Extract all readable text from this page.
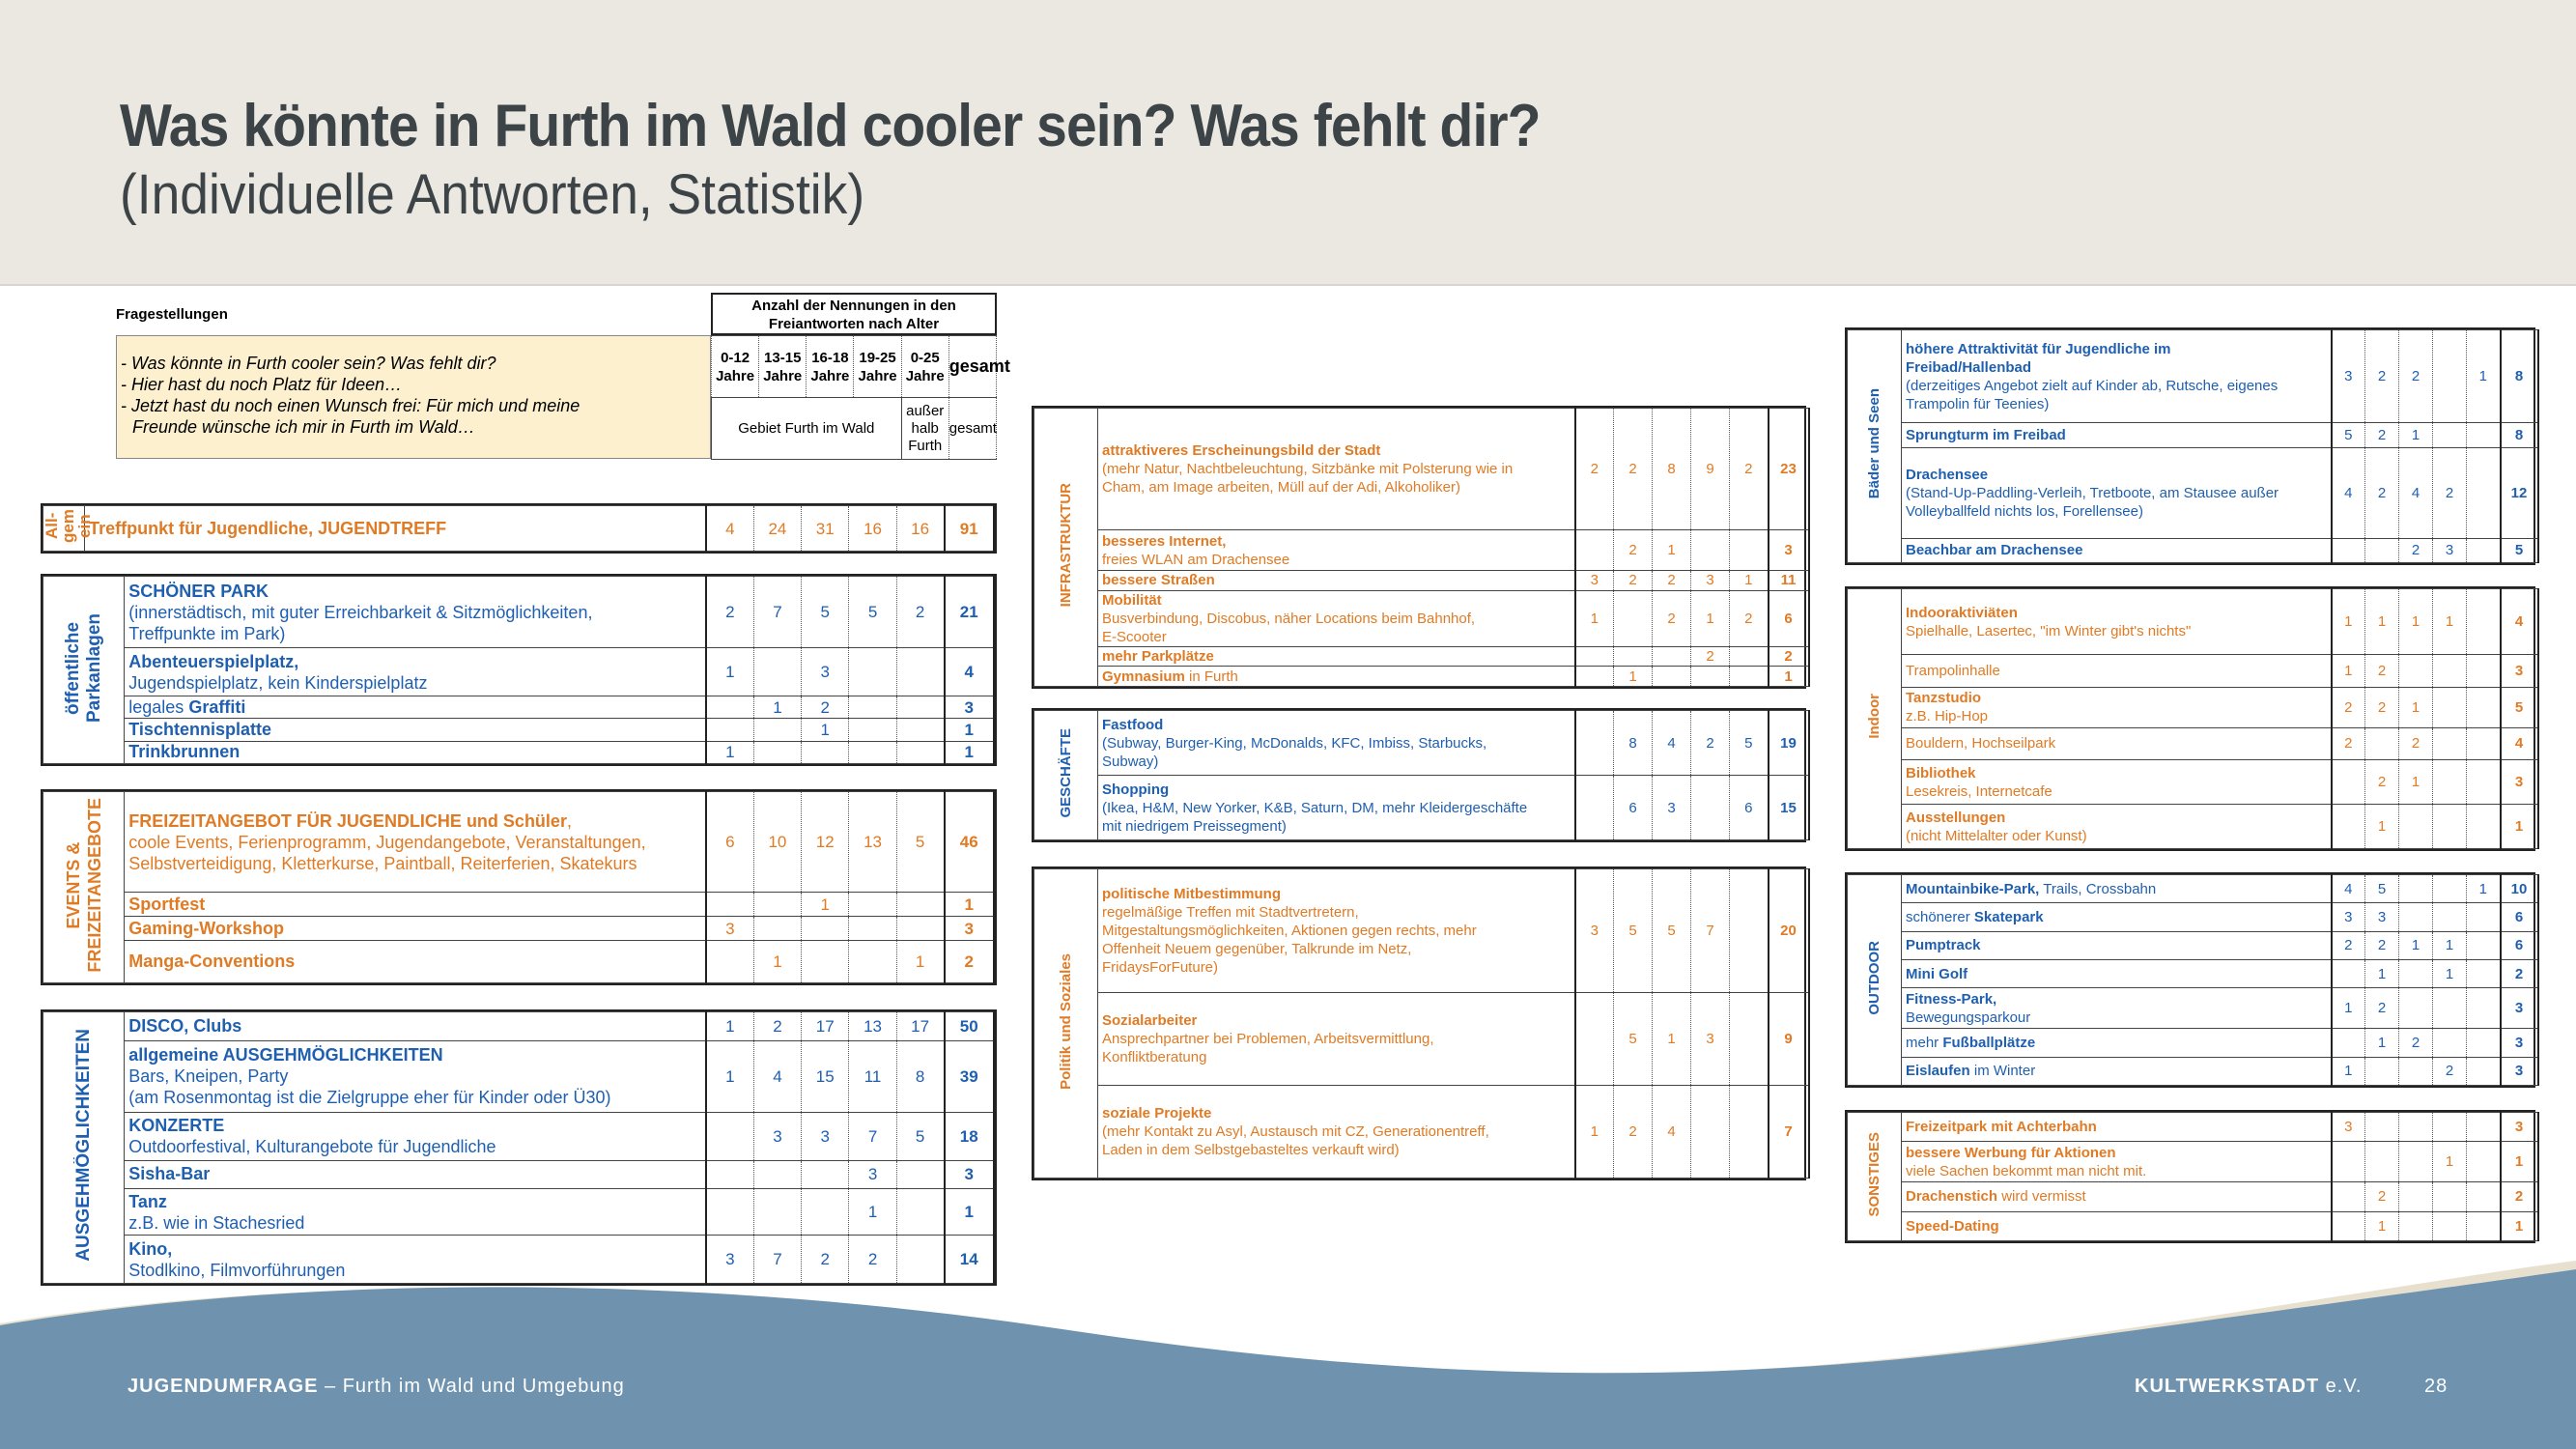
Was könnte in Furth im Wald cooler sein? Was fehlt dir?
(Individuelle Antworten, Statistik)
Fragestellungen
Anzahl der Nennungen in den Freiantworten nach Alter
- Was könnte in Furth cooler sein? Was fehlt dir?
- Hier hast du noch Platz für Ideen…
- Jetzt hast du noch einen Wunsch frei: Für mich und meine
Freunde wünsche ich mir in Furth im Wald…
0-12 Jahre	13-15 Jahre	16-18 Jahre	19-25 Jahre	0-25 Jahre	gesamt
Gebiet Furth im Wald				außer halb Furth	gesamt
All-
gem
ein	Treffpunkt für Jugendliche, JUGENDTREFF	4	24	31	16	16	91
öffentliche
Parkanlagen	SCHÖNER PARK
(innerstädtisch, mit guter Erreichbarkeit & Sitzmöglichkeiten,
Treffpunkte im Park)	2	7	5	5	2	21
	Abenteuerspielplatz,
Jugendspielplatz, kein Kinderspielplatz	1		3			4
	legales Graffiti		1	2			3
	Tischtennisplatte			1			1
	Trinkbrunnen	1					1
EVENTS & FREIZEITANGEBOTE	FREIZEITANGEBOT FÜR JUGENDLICHE und Schüler,
coole Events, Ferienprogramm, Jugendangebote, Veranstaltungen,
Selbstverteidigung, Kletterkurse, Paintball, Reiterferien, Skatekurs	6	10	12	13	5	46
	Sportfest			1			1
	Gaming-Workshop	3					3
	Manga-Conventions		1			1	2
AUSGEHMÖGLICHKEITEN	DISCO, Clubs	1	2	17	13	17	50
	allgemeine AUSGEHMÖGLICHKEITEN
Bars, Kneipen, Party
(am Rosenmontag ist die Zielgruppe eher für Kinder oder Ü30)	1	4	15	11	8	39
	KONZERTE
Outdoorfestival, Kulturangebote für Jugendliche		3	3	7	5	18
	Sisha-Bar				3		3
	Tanz
z.B. wie in Stachesried				1		1
	Kino,
Stodlkino, Filmvorführungen	3	7	2	2		14
INFRASTRUKTUR	attraktiveres Erscheinungsbild der Stadt
(mehr Natur, Nachtbeleuchtung, Sitzbänke mit Polsterung wie in
Cham, am Image arbeiten, Müll auf der Adi, Alkoholiker)	2	2	8	9	2	23
	besseres Internet,
freies WLAN am Drachensee		2	1			3
	bessere Straßen	3	2	2	3	1	11
	Mobilität
Busverbindung, Discobus, näher Locations beim Bahnhof,
E-Scooter	1		2	1	2	6
	mehr Parkplätze				2		2
	Gymnasium in Furth		1				1
GESCHÄFTE	Fastfood
(Subway, Burger-King, McDonalds, KFC, Imbiss, Starbucks,
Subway)		8	4	2	5	19
	Shopping
(Ikea, H&M, New Yorker, K&B, Saturn, DM, mehr Kleidergeschäfte
mit niedrigem Preissegment)		6	3		6	15
Politik und Soziales	politische Mitbestimmung
regelmäßige Treffen mit Stadtvertretern,
Mitgestaltungsmöglichkeiten, Aktionen gegen rechts, mehr
Offenheit Neuem gegenüber, Talkrunde im Netz,
FridaysForFuture)	3	5	5	7		20
	Sozialarbeiter
Ansprechpartner bei Problemen, Arbeitsvermittlung,
Konfliktberatung		5	1	3		9
	soziale Projekte
(mehr Kontakt zu Asyl, Austausch mit CZ, Generationentreff,
Laden in dem Selbstgebasteltes verkauft wird)	1	2	4			7
Bäder und Seen	höhere Attraktivität für Jugendliche im
Freibad/Hallenbad
(derzeitiges Angebot zielt auf Kinder ab, Rutsche, eigenes
Trampolin für Teenies)	3	2	2		1	8
	Sprungturm im Freibad	5	2	1			8
	Drachensee
(Stand-Up-Paddling-Verleih, Tretboote, am Stausee außer
Volleyballfeld nichts los, Forellensee)	4	2	4	2		12
	Beachbar am Drachensee			2	3		5
Indoor	Indooraktiviäten
Spielhalle, Lasertec, "im Winter gibt's nichts"	1	1	1	1		4
	Trampolinhalle	1	2				3
	Tanzstudio
z.B. Hip-Hop	2	2	1			5
	Bouldern, Hochseilpark	2		2			4
	Bibliothek
Lesekreis, Internetcafe		2	1			3
	Ausstellungen
(nicht Mittelalter oder Kunst)		1				1
OUTDOOR	Mountainbike-Park, Trails, Crossbahn	4	5			1	10
	schönerer Skatepark	3	3				6
	Pumptrack	2	2	1	1		6
	Mini Golf		1		1		2
	Fitness-Park,
Bewegungsparkour	1	2				3
	mehr Fußballplätze		1	2			3
	Eislaufen im Winter	1			2		3
SONSTIGES	Freizeitpark mit Achterbahn	3					3
	bessere Werbung für Aktionen
viele Sachen bekommt man nicht mit.				1		1
	Drachenstich wird vermisst		2				2
	Speed-Dating		1				1
JUGENDUMFRAGE – Furth im Wald und Umgebung	KULTWERKSTADT e.V.	28
